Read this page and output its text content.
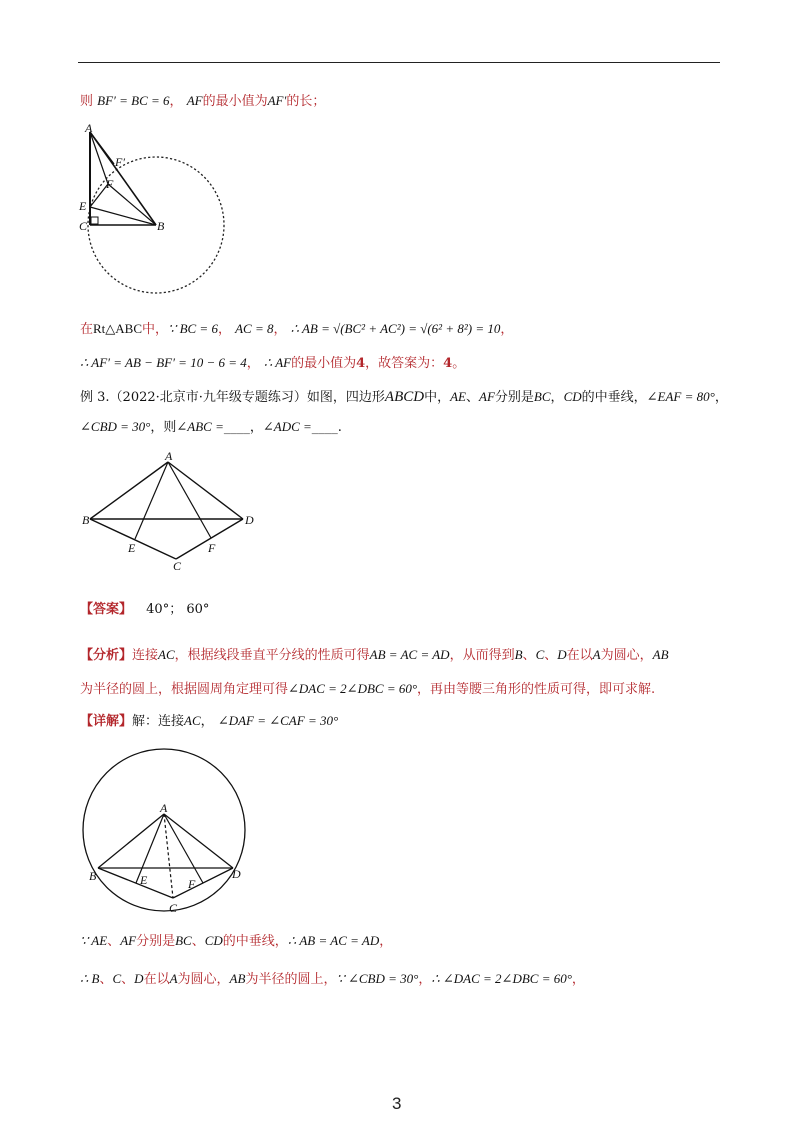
则 BF′ = BC = 6， AF的最小值为AF′的长；
A
F′
F
E
C	B
在Rt△ABC中，∵ BC = 6， AC = 8， ∴ AB = √(BC² + AC²) = √(6² + 8²) = 10，
∴ AF′ = AB − BF′ = 10 − 6 = 4， ∴ AF的最小值为4，故答案为：4。
例 3.（2022·北京市·九年级专题练习）如图，四边形ABCD中，AE、AF分别是BC，CD的中垂线，∠EAF = 80°，
∠CBD = 30°，则∠ABC =____，∠ADC =____.
A
B	D
E	F
C
【答案】 40°； 60°
【分析】连接AC，根据线段垂直平分线的性质可得AB = AC = AD，从而得到B、C、D在以A为圆心，AB
为半径的圆上，根据圆周角定理可得∠DAC = 2∠DBC = 60°，再由等腰三角形的性质可得，即可求解.
【详解】解：连接AC， ∠DAF = ∠CAF = 30°
A
B	D
E	F
C
∵ AE、AF分别是BC、CD的中垂线，∴ AB = AC = AD，
∴ B、C、D在以A为圆心，AB为半径的圆上，∵ ∠CBD = 30°，∴ ∠DAC = 2∠DBC = 60°，
3
